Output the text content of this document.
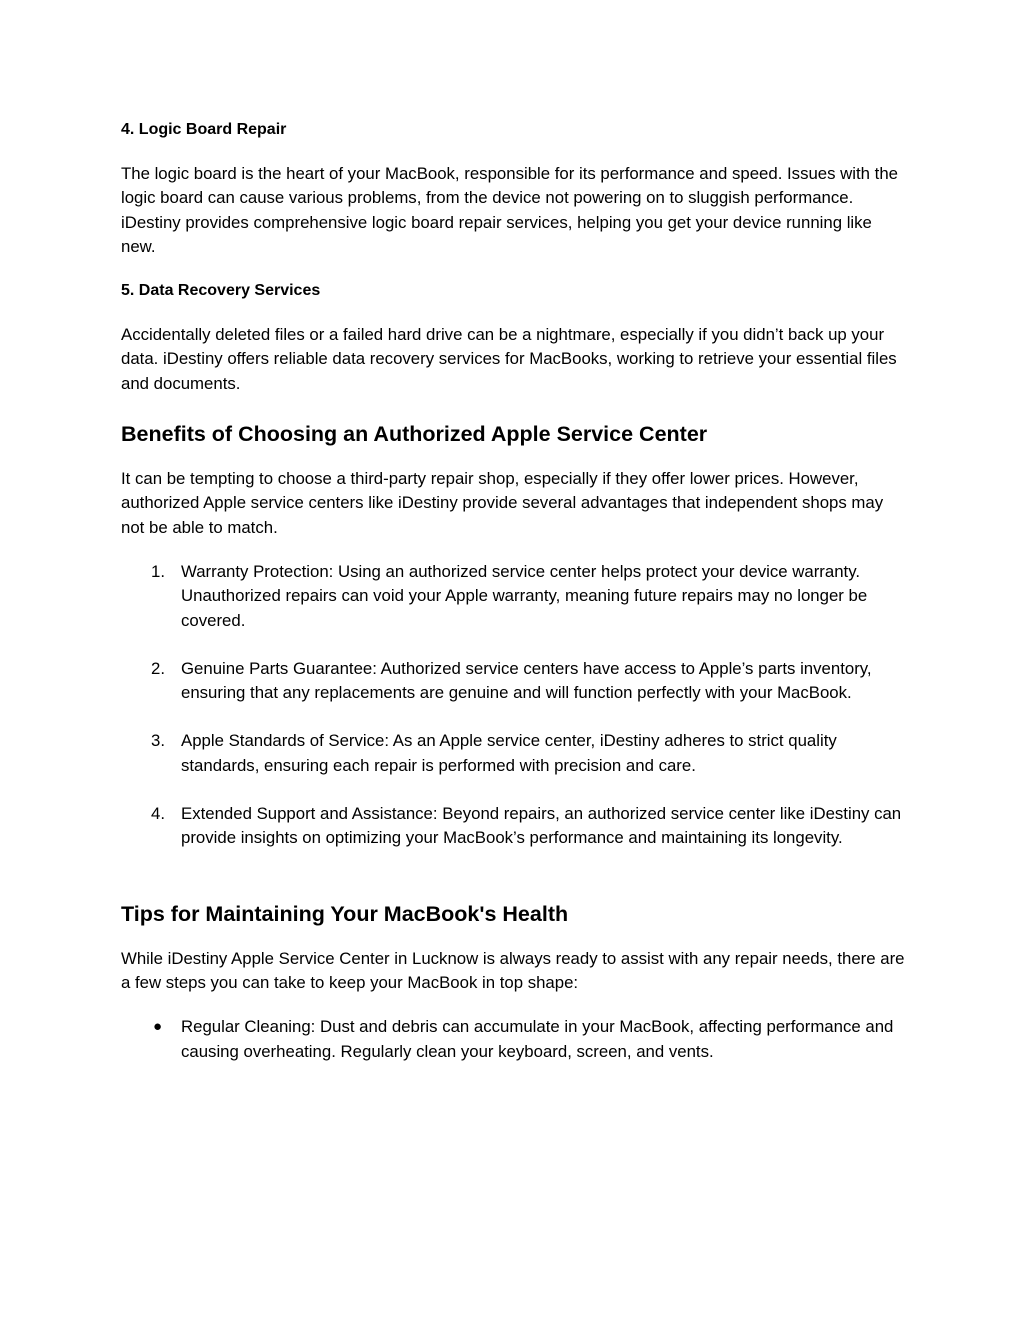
4. Logic Board Repair

The logic board is the heart of your MacBook, responsible for its performance and speed. Issues with the logic board can cause various problems, from the device not powering on to sluggish performance. iDestiny provides comprehensive logic board repair services, helping you get your device running like new.

5. Data Recovery Services

Accidentally deleted files or a failed hard drive can be a nightmare, especially if you didn’t back up your data. iDestiny offers reliable data recovery services for MacBooks, working to retrieve your essential files and documents.

Benefits of Choosing an Authorized Apple Service Center

It can be tempting to choose a third-party repair shop, especially if they offer lower prices. However, authorized Apple service centers like iDestiny provide several advantages that independent shops may not be able to match.

1. Warranty Protection: Using an authorized service center helps protect your device warranty. Unauthorized repairs can void your Apple warranty, meaning future repairs may no longer be covered.
2. Genuine Parts Guarantee: Authorized service centers have access to Apple’s parts inventory, ensuring that any replacements are genuine and will function perfectly with your MacBook.
3. Apple Standards of Service: As an Apple service center, iDestiny adheres to strict quality standards, ensuring each repair is performed with precision and care.
4. Extended Support and Assistance: Beyond repairs, an authorized service center like iDestiny can provide insights on optimizing your MacBook’s performance and maintaining its longevity.
Tips for Maintaining Your MacBook's Health

While iDestiny Apple Service Center in Lucknow is always ready to assist with any repair needs, there are a few steps you can take to keep your MacBook in top shape:

● Regular Cleaning: Dust and debris can accumulate in your MacBook, affecting performance and causing overheating. Regularly clean your keyboard, screen, and vents.
